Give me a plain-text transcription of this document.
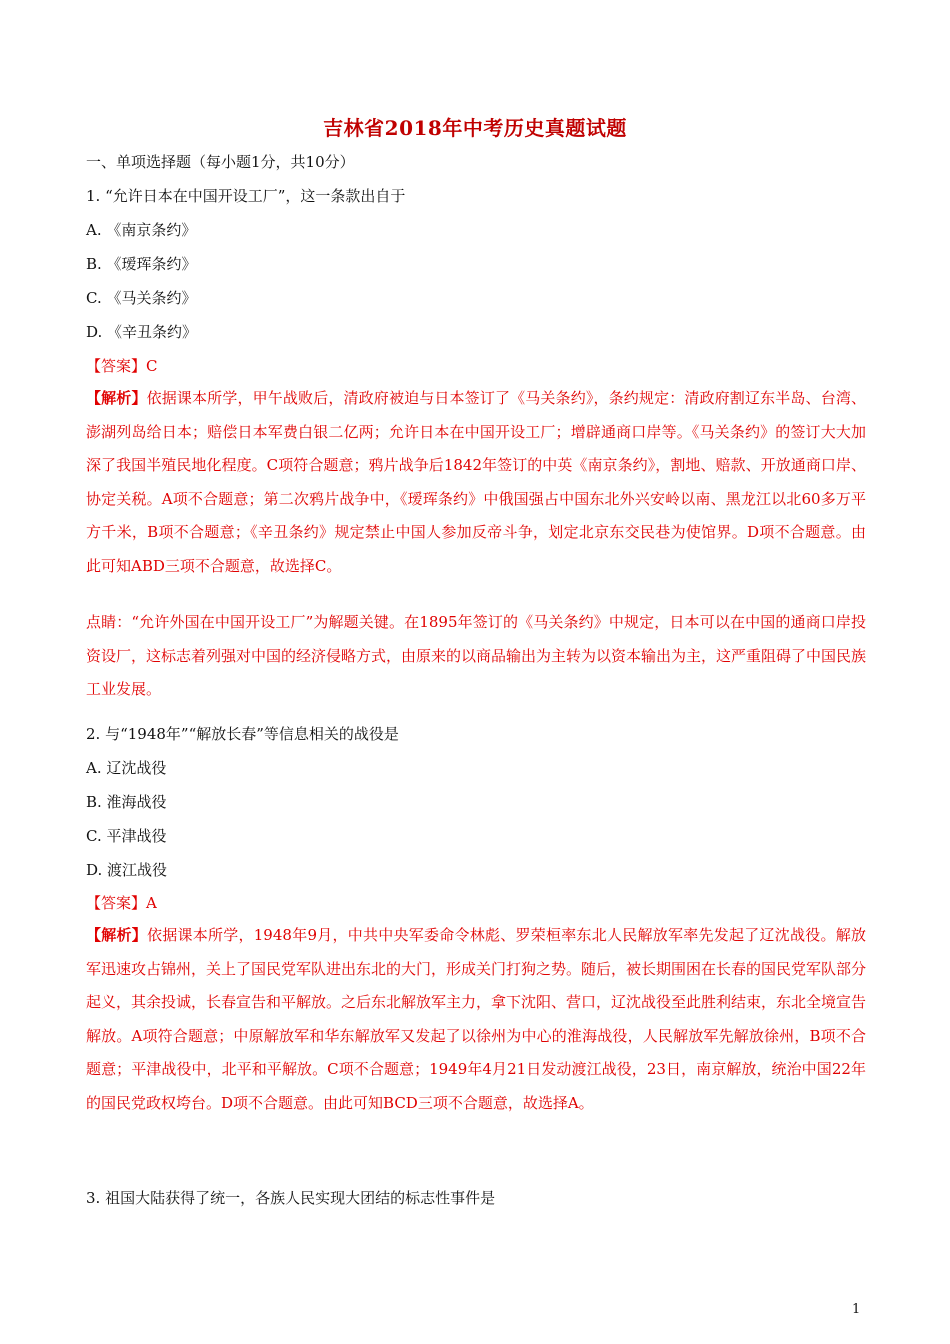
吉林省2018年中考历史真题试题
一、单项选择题（每小题1分，共10分）
1. “允许日本在中国开设工厂”，这一条款出自于
A. 《南京条约》
B. 《瑷珲条约》
C. 《马关条约》
D. 《辛丑条约》
【答案】C
【解析】依据课本所学，甲午战败后，清政府被迫与日本签订了《马关条约》，条约规定：清政府割辽东半岛、台湾、澎湖列岛给日本；赔偿日本军费白银二亿两；允许日本在中国开设工厂；增辟通商口岸等。《马关条约》的签订大大加深了我国半殖民地化程度。C项符合题意；鸦片战争后1842年签订的中英《南京条约》，割地、赔款、开放通商口岸、协定关税。A项不合题意；第二次鸦片战争中，《瑷珲条约》中俄国强占中国东北外兴安岭以南、黑龙江以北60多万平方千米，B项不合题意；《辛丑条约》规定禁止中国人参加反帝斗争，划定北京东交民巷为使馆界。D项不合题意。由此可知ABD三项不合题意，故选择C。
点睛：“允许外国在中国开设工厂”为解题关键。在1895年签订的《马关条约》中规定，日本可以在中国的通商口岸投资设厂，这标志着列强对中国的经济侵略方式，由原来的以商品输出为主转为以资本输出为主，这严重阻碍了中国民族工业发展。
2. 与“1948年”“解放长春”等信息相关的战役是
A. 辽沈战役
B. 淮海战役
C. 平津战役
D. 渡江战役
【答案】A
【解析】依据课本所学，1948年9月，中共中央军委命令林彪、罗荣桓率东北人民解放军率先发起了辽沈战役。解放军迅速攻占锦州，关上了国民党军队进出东北的大门，形成关门打狗之势。随后，被长期围困在长春的国民党军队部分起义，其余投诚，长春宣告和平解放。之后东北解放军主力，拿下沈阳、营口，辽沈战役至此胜利结束，东北全境宣告解放。A项符合题意；中原解放军和华东解放军又发起了以徐州为中心的淮海战役，人民解放军先解放徐州，B项不合题意；平津战役中，北平和平解放。C项不合题意；1949年4月21日发动渡江战役，23日，南京解放，统治中国22年的国民党政权垮台。D项不合题意。由此可知BCD三项不合题意，故选择A。
3. 祖国大陆获得了统一，各族人民实现大团结的标志性事件是
1
